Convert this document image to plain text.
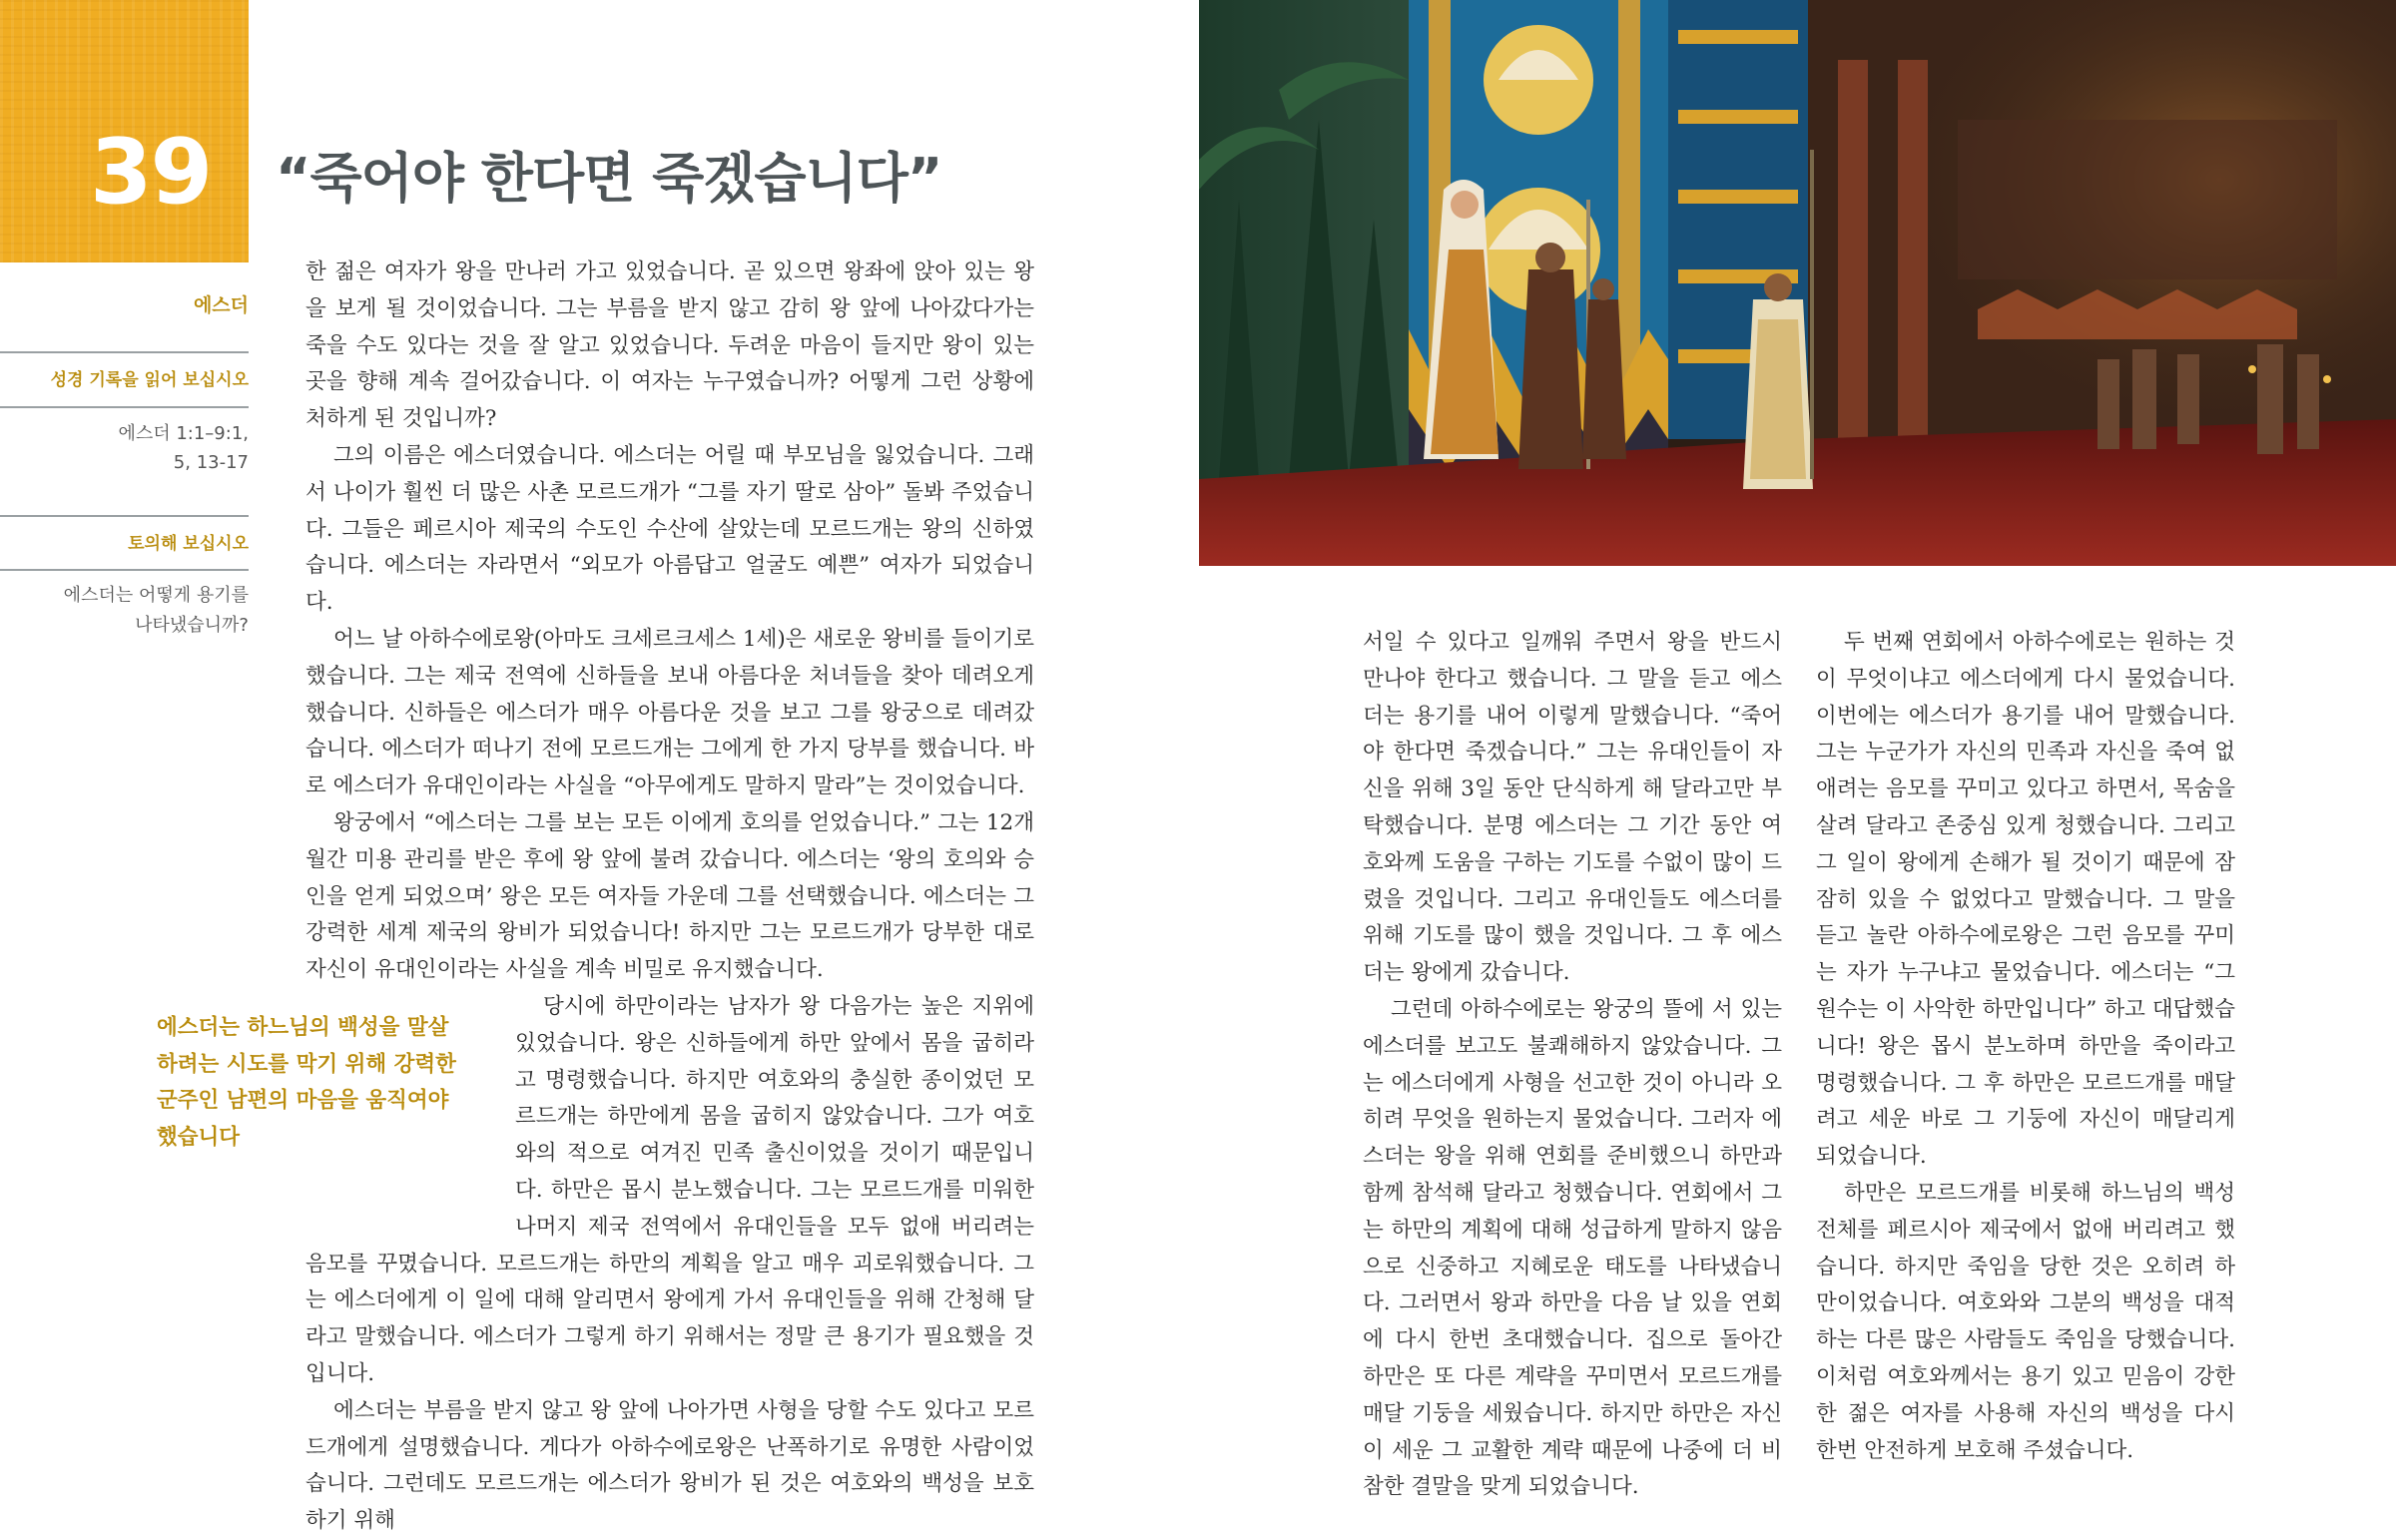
39 “죽어야 한다면 죽겠습니다”
에스더
성경 기록을 읽어 보십시오
에스더 1:1–9:1, 5, 13-17
토의해 보십시오
에스더는 어떻게 용기를 나타냈습니까?

한 젊은 여자가 왕을 만나러 가고 있었습니다. 곧 있으면 왕좌에 앉아 있는 왕을 보게 될 것이었습니다. 그는 부름을 받지 않고 감히 왕 앞에 나아갔다가는 죽을 수도 있다는 것을 잘 알고 있었습니다. 두려운 마음이 들지만 왕이 있는 곳을 향해 계속 걸어갔습니다. 이 여자는 누구였습니까? 어떻게 그런 상황에 처하게 된 것입니까?

그의 이름은 에스더였습니다. 에스더는 어릴 때 부모님을 잃었습니다. 그래서 나이가 훨씬 더 많은 사촌 모르드개가 “그를 자기 딸로 삼아” 돌봐 주었습니다. 그들은 페르시아 제국의 수도인 수산에 살았는데 모르드개는 왕의 신하였습니다. 에스더는 자라면서 “외모가 아름답고 얼굴도 예쁜” 여자가 되었습니다.

어느 날 아하수에로왕(아마도 크세르크세스 1세)은 새로운 왕비를 들이기로 했습니다. 그는 제국 전역에 신하들을 보내 아름다운 처녀들을 찾아 데려오게 했습니다. 신하들은 에스더가 매우 아름다운 것을 보고 그를 왕궁으로 데려갔습니다. 에스더가 떠나기 전에 모르드개는 그에게 한 가지 당부를 했습니다. 바로 에스더가 유대인이라는 사실을 “아무에게도 말하지 말라”는 것이었습니다.

왕궁에서 “에스더는 그를 보는 모든 이에게 호의를 얻었습니다.” 그는 12개월간 미용 관리를 받은 후에 왕 앞에 불려 갔습니다. 에스더는 ‘왕의 호의와 승인을 얻게 되었으며’ 왕은 모든 여자들 가운데 그를 선택했습니다. 에스더는 그 강력한 세계 제국의 왕비가 되었습니다! 하지만 그는 모르드개가 당부한 대로 자신이 유대인이라는 사실을 계속 비밀로 유지했습니다.

당시에 하만이라는 남자가 왕 다음가는 높은 지위에 있었습니다. 왕은 신하들에게 하만 앞에서 몸을 굽히라고 명령했습니다. 하지만 여호와의 충실한 종이었던 모르드개는 하만에게 몸을 굽히지 않았습니다. 그가 여호와의 적으로 여겨진 민족 출신이었을 것이기 때문입니다. 하만은 몹시 분노했습니다. 그는 모르드개를 미워한 나머지 제국 전역에서 유대인들을 모두 없애 버리려는 음모를 꾸몄습니다. 모르드개는 하만의 계획을 알고 매우 괴로워했습니다. 그는 에스더에게 이 일에 대해 알리면서 왕에게 가서 유대인들을 위해 간청해 달라고 말했습니다. 에스더가 그렇게 하기 위해서는 정말 큰 용기가 필요했을 것입니다.

에스더는 부름을 받지 않고 왕 앞에 나아가면 사형을 당할 수도 있다고 모르드개에게 설명했습니다. 게다가 아하수에로왕은 난폭하기로 유명한 사람이었습니다. 그런데도 모르드개는 에스더가 왕비가 된 것은 여호와의 백성을 보호하기 위해

에스더는 하느님의 백성을 말살하려는 시도를 막기 위해 강력한 군주인 남편의 마음을 움직여야 했습니다

서일 수 있다고 일깨워 주면서 왕을 반드시 만나야 한다고 했습니다. 그 말을 듣고 에스더는 용기를 내어 이렇게 말했습니다. “죽어야 한다면 죽겠습니다.” 그는 유대인들이 자신을 위해 3일 동안 단식하게 해 달라고만 부탁했습니다. 분명 에스더는 그 기간 동안 여호와께 도움을 구하는 기도를 수없이 많이 드렸을 것입니다. 그리고 유대인들도 에스더를 위해 기도를 많이 했을 것입니다. 그 후 에스더는 왕에게 갔습니다.

그런데 아하수에로는 왕궁의 뜰에 서 있는 에스더를 보고도 불쾌해하지 않았습니다. 그는 에스더에게 사형을 선고한 것이 아니라 오히려 무엇을 원하는지 물었습니다. 그러자 에스더는 왕을 위해 연회를 준비했으니 하만과 함께 참석해 달라고 청했습니다. 연회에서 그는 하만의 계획에 대해 성급하게 말하지 않음으로 신중하고 지혜로운 태도를 나타냈습니다. 그러면서 왕과 하만을 다음 날 있을 연회에 다시 한번 초대했습니다. 집으로 돌아간 하만은 또 다른 계략을 꾸미면서 모르드개를 매달 기둥을 세웠습니다. 하지만 하만은 자신이 세운 그 교활한 계략 때문에 나중에 더 비참한 결말을 맞게 되었습니다.

두 번째 연회에서 아하수에로는 원하는 것이 무엇이냐고 에스더에게 다시 물었습니다. 이번에는 에스더가 용기를 내어 말했습니다. 그는 누군가가 자신의 민족과 자신을 죽여 없애려는 음모를 꾸미고 있다고 하면서, 목숨을 살려 달라고 존중심 있게 청했습니다. 그리고 그 일이 왕에게 손해가 될 것이기 때문에 잠잠히 있을 수 없었다고 말했습니다. 그 말을 듣고 놀란 아하수에로왕은 그런 음모를 꾸미는 자가 누구냐고 물었습니다. 에스더는 “그 원수는 이 사악한 하만입니다” 하고 대답했습니다! 왕은 몹시 분노하며 하만을 죽이라고 명령했습니다. 그 후 하만은 모르드개를 매달려고 세운 바로 그 기둥에 자신이 매달리게 되었습니다.

하만은 모르드개를 비롯해 하느님의 백성 전체를 페르시아 제국에서 없애 버리려고 했습니다. 하지만 죽임을 당한 것은 오히려 하만이었습니다. 여호와와 그분의 백성을 대적하는 다른 많은 사람들도 죽임을 당했습니다. 이처럼 여호와께서는 용기 있고 믿음이 강한 한 젊은 여자를 사용해 자신의 백성을 다시 한번 안전하게 보호해 주셨습니다.
